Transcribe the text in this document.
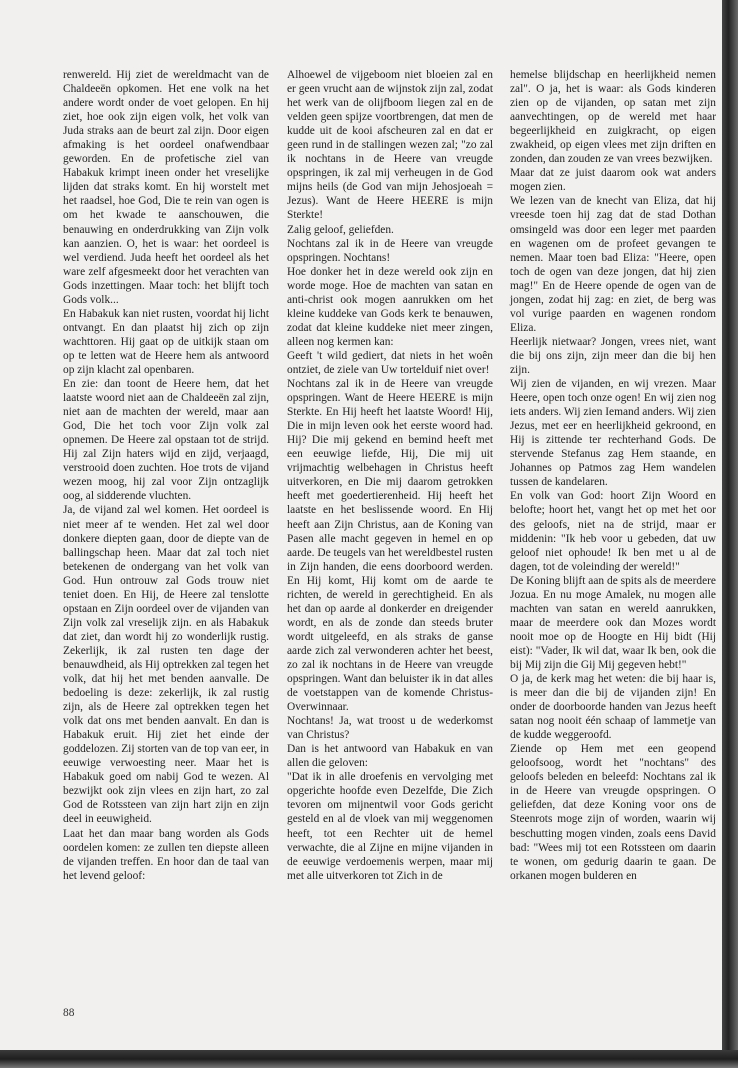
renwereld. Hij ziet de wereldmacht van de Chaldeeën opkomen. Het ene volk na het andere wordt onder de voet gelopen. En hij ziet, hoe ook zijn eigen volk, het volk van Juda straks aan de beurt zal zijn. Door eigen afmaking is het oordeel onafwendbaar geworden. En de profetische ziel van Habakuk krimpt ineen onder het vreselijke lijden dat straks komt. En hij worstelt met het raadsel, hoe God, Die te rein van ogen is om het kwade te aanschouwen, die benauwing en onderdrukking van Zijn volk kan aanzien. O, het is waar: het oordeel is wel verdiend. Juda heeft het oordeel als het ware zelf afgesmeekt door het verachten van Gods inzettingen. Maar toch: het blijft toch Gods volk...

En Habakuk kan niet rusten, voordat hij licht ontvangt. En dan plaatst hij zich op zijn wachttoren. Hij gaat op de uitkijk staan om op te letten wat de Heere hem als antwoord op zijn klacht zal openbaren.

En zie: dan toont de Heere hem, dat het laatste woord niet aan de Chaldeeën zal zijn, niet aan de machten der wereld, maar aan God, Die het toch voor Zijn volk zal opnemen. De Heere zal opstaan tot de strijd. Hij zal Zijn haters wijd en zijd, verjaagd, verstrooid doen zuchten. Hoe trots de vijand wezen moog, hij zal voor Zijn ontzaglijk oog, al sidderende vluchten.

Ja, de vijand zal wel komen. Het oordeel is niet meer af te wenden. Het zal wel door donkere diepten gaan, door de diepte van de ballingschap heen. Maar dat zal toch niet betekenen de ondergang van het volk van God. Hun ontrouw zal Gods trouw niet teniet doen. En Hij, de Heere zal tenslotte opstaan en Zijn oordeel over de vijanden van Zijn volk zal vreselijk zijn. en als Habakuk dat ziet, dan wordt hij zo wonderlijk rustig. Zekerlijk, ik zal rusten ten dage der benauwdheid, als Hij optrekken zal tegen het volk, dat hij het met benden aanvalle. De bedoeling is deze: zekerlijk, ik zal rustig zijn, als de Heere zal optrekken tegen het volk dat ons met benden aanvalt. En dan is Habakuk eruit. Hij ziet het einde der goddelozen. Zij storten van de top van eer, in eeuwige verwoesting neer. Maar het is Habakuk goed om nabij God te wezen. Al bezwijkt ook zijn vlees en zijn hart, zo zal God de Rotssteen van zijn hart zijn en zijn deel in eeuwigheid.

Laat het dan maar bang worden als Gods oordelen komen: ze zullen ten diepste alleen de vijanden treffen. En hoor dan de taal van het levend geloof:

Alhoewel de vijgeboom niet bloeien zal en er geen vrucht aan de wijnstok zijn zal, zodat het werk van de olijfboom liegen zal en de velden geen spijze voortbrengen, dat men de kudde uit de kooi afscheuren zal en dat er geen rund in de stallingen wezen zal; "zo zal ik nochtans in de Heere van vreugde opspringen, ik zal mij verheugen in de God mijns heils (de God van mijn Jehosjoeah = Jezus). Want de Heere HEERE is mijn Sterkte!

Zalig geloof, geliefden.

Nochtans zal ik in de Heere van vreugde opspringen. Nochtans!

Hoe donker het in deze wereld ook zijn en worde moge. Hoe de machten van satan en anti-christ ook mogen aanrukken om het kleine kuddeke van Gods kerk te benauwen, zodat dat kleine kuddeke niet meer zingen, alleen nog kermen kan:

Geeft 't wild gediert, dat niets in het woên ontziet, de ziele van Uw tortelduif niet over!

Nochtans zal ik in de Heere van vreugde opspringen. Want de Heere HEERE is mijn Sterkte. En Hij heeft het laatste Woord! Hij, Die in mijn leven ook het eerste woord had. Hij? Die mij gekend en bemind heeft met een eeuwige liefde, Hij, Die mij uit vrijmachtig welbehagen in Christus heeft uitverkoren, en Die mij daarom getrokken heeft met goedertierenheid. Hij heeft het laatste en het beslissende woord. En Hij heeft aan Zijn Christus, aan de Koning van Pasen alle macht gegeven in hemel en op aarde. De teugels van het wereldbestel rusten in Zijn handen, die eens doorboord werden. En Hij komt, Hij komt om de aarde te richten, de wereld in gerechtigheid. En als het dan op aarde al donkerder en dreigender wordt, en als de zonde dan steeds bruter wordt uitgeleefd, en als straks de ganse aarde zich zal verwonderen achter het beest, zo zal ik nochtans in de Heere van vreugde opspringen. Want dan beluister ik in dat alles de voetstappen van de komende Christus-Overwinnaar.

Nochtans! Ja, wat troost u de wederkomst van Christus?

Dan is het antwoord van Habakuk en van allen die geloven:

"Dat ik in alle droefenis en vervolging met opgerichte hoofde even Dezelfde, Die Zich tevoren om mijnentwil voor Gods gericht gesteld en al de vloek van mij weggenomen heeft, tot een Rechter uit de hemel verwachte, die al Zijne en mijne vijanden in de eeuwige verdoemenis werpen, maar mij met alle uitverkoren tot Zich in de

hemelse blijdschap en heerlijkheid nemen zal". O ja, het is waar: als Gods kinderen zien op de vijanden, op satan met zijn aanvechtingen, op de wereld met haar begeerlijkheid en zuigkracht, op eigen zwakheid, op eigen vlees met zijn driften en zonden, dan zouden ze van vrees bezwijken.

Maar dat ze juist daarom ook wat anders mogen zien.

We lezen van de knecht van Eliza, dat hij vreesde toen hij zag dat de stad Dothan omsingeld was door een leger met paarden en wagenen om de profeet gevangen te nemen. Maar toen bad Eliza: "Heere, open toch de ogen van deze jongen, dat hij zien mag!" En de Heere opende de ogen van de jongen, zodat hij zag: en ziet, de berg was vol vurige paarden en wagenen rondom Eliza.

Heerlijk nietwaar? Jongen, vrees niet, want die bij ons zijn, zijn meer dan die bij hen zijn.

Wij zien de vijanden, en wij vrezen. Maar Heere, open toch onze ogen! En wij zien nog iets anders. Wij zien Iemand anders. Wij zien Jezus, met eer en heerlijkheid gekroond, en Hij is zittende ter rechterhand Gods. De stervende Stefanus zag Hem staande, en Johannes op Patmos zag Hem wandelen tussen de kandelaren.

En volk van God: hoort Zijn Woord en belofte; hoort het, vangt het op met het oor des geloofs, niet na de strijd, maar er middenin: "Ik heb voor u gebeden, dat uw geloof niet ophoude! Ik ben met u al de dagen, tot de voleinding der wereld!"

De Koning blijft aan de spits als de meerdere Jozua. En nu moge Amalek, nu mogen alle machten van satan en wereld aanrukken, maar de meerdere ook dan Mozes wordt nooit moe op de Hoogte en Hij bidt (Hij eist): "Vader, Ik wil dat, waar Ik ben, ook die bij Mij zijn die Gij Mij gegeven hebt!"

O ja, de kerk mag het weten: die bij haar is, is meer dan die bij de vijanden zijn! En onder de doorboorde handen van Jezus heeft satan nog nooit één schaap of lammetje van de kudde weggeroofd.

Ziende op Hem met een geopend geloofsoog, wordt het "nochtans" des geloofs beleden en beleefd: Nochtans zal ik in de Heere van vreugde opspringen. O geliefden, dat deze Koning voor ons de Steenrots moge zijn of worden, waarin wij beschutting mogen vinden, zoals eens David bad: "Wees mij tot een Rotssteen om daarin te wonen, om gedurig daarin te gaan. De orkanen mogen bulderen en

88
